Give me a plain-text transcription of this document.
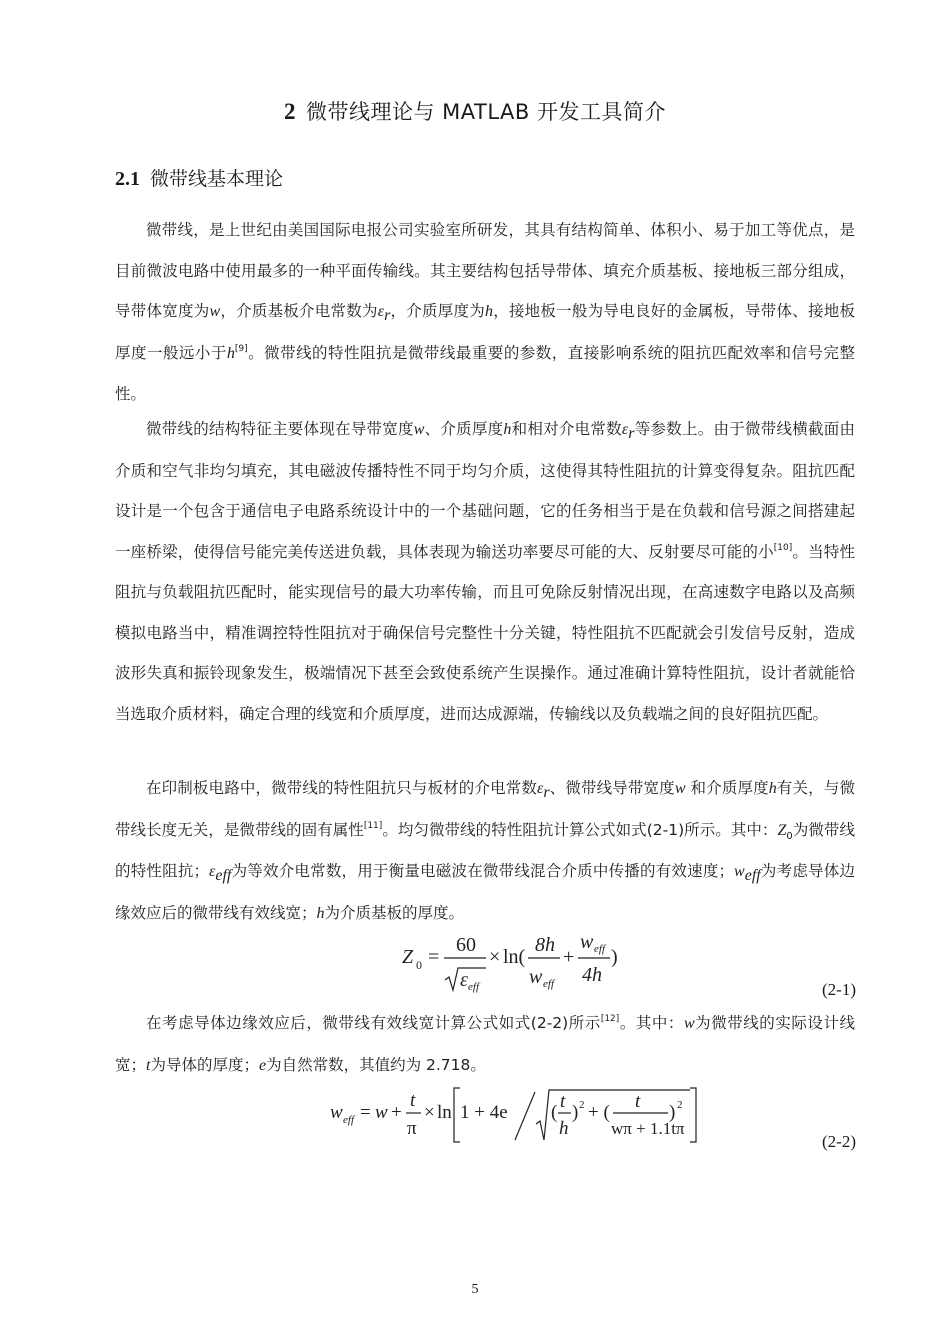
2 微带线理论与 MATLAB 开发工具简介
2.1 微带线基本理论
微带线，是上世纪由美国国际电报公司实验室所研发，其具有结构简单、体积小、易于加工等优点，是目前微波电路中使用最多的一种平面传输线。其主要结构包括导带体、填充介质基板、接地板三部分组成，导带体宽度为w，介质基板介电常数为$\varepsilon_r$，介质厚度为h，接地板一般为导电良好的金属板，导带体、接地板厚度一般远小于h[9]。微带线的特性阻抗是微带线最重要的参数，直接影响系统的阻抗匹配效率和信号完整性。
微带线的结构特征主要体现在导带宽度w、介质厚度h和相对介电常数$\varepsilon_r$等参数上。由于微带线横截面由介质和空气非均匀填充，其电磁波传播特性不同于均匀介质，这使得其特性阻抗的计算变得复杂。阻抗匹配设计是一个包含于通信电子电路系统设计中的一个基础问题，它的任务相当于是在负载和信号源之间搭建起一座桥梁，使得信号能完美传送进负载，具体表现为输送功率要尽可能的大、反射要尽可能的小[10]。当特性阻抗与负载阻抗匹配时，能实现信号的最大功率传输，而且可免除反射情况出现，在高速数字电路以及高频模拟电路当中，精准调控特性阻抗对于确保信号完整性十分关键，特性阻抗不匹配就会引发信号反射，造成波形失真和振铃现象发生，极端情况下甚至会致使系统产生误操作。通过准确计算特性阻抗，设计者就能恰当选取介质材料，确定合理的线宽和介质厚度，进而达成源端，传输线以及负载端之间的良好阻抗匹配。
在印制板电路中，微带线的特性阻抗只与板材的介电常数$\varepsilon_r$、微带线导带宽度w 和介质厚度h有关，与微带线长度无关，是微带线的固有属性[11]。均匀微带线的特性阻抗计算公式如式(2-1)所示。其中：$Z_0$为微带线的特性阻抗；$\varepsilon_{eff}$为等效介电常数，用于衡量电磁波在微带线混合介质中传播的有效速度；$w_{eff}$为考虑导体边缘效应后的微带线有效线宽；h为介质基板的厚度。
Z 0 =
60
ε eff
× ln(
8h
w eff
+
w eff
4h
)
(2-1)
在考虑导体边缘效应后，微带线有效线宽计算公式如式(2-2)所示[12]。其中：w为微带线的实际设计线宽；t为导体的厚度；e为自然常数，其值约为 2.718。
w eff = w +
t
π
× ln 1 + 4e (
t
h
) 2 + (
t
wπ + 1.1tπ
) 2
(2-2)
5
